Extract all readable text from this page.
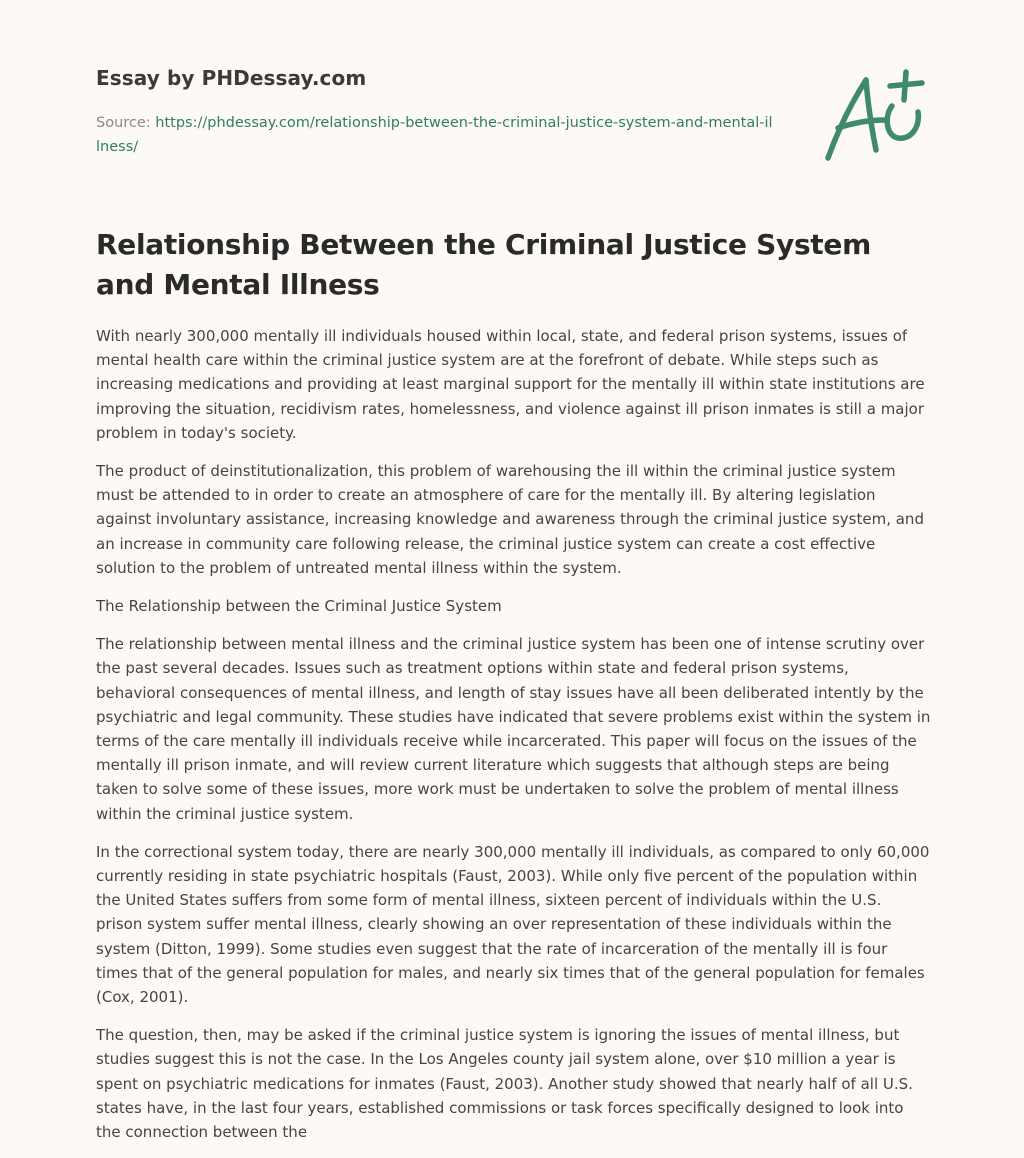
Essay by PHDessay.com
Source: https://phdessay.com/relationship-between-the-criminal-justice-system-and-mental-illness/
Relationship Between the Criminal Justice System and Mental Illness

With nearly 300,000 mentally ill individuals housed within local, state, and federal prison systems, issues of mental health care within the criminal justice system are at the forefront of debate. While steps such as increasing medications and providing at least marginal support for the mentally ill within state institutions are improving the situation, recidivism rates, homelessness, and violence against ill prison inmates is still a major problem in today's society.

The product of deinstitutionalization, this problem of warehousing the ill within the criminal justice system must be attended to in order to create an atmosphere of care for the mentally ill. By altering legislation against involuntary assistance, increasing knowledge and awareness through the criminal justice system, and an increase in community care following release, the criminal justice system can create a cost effective solution to the problem of untreated mental illness within the system.

The Relationship between the Criminal Justice System

The relationship between mental illness and the criminal justice system has been one of intense scrutiny over the past several decades. Issues such as treatment options within state and federal prison systems, behavioral consequences of mental illness, and length of stay issues have all been deliberated intently by the psychiatric and legal community. These studies have indicated that severe problems exist within the system in terms of the care mentally ill individuals receive while incarcerated. This paper will focus on the issues of the mentally ill prison inmate, and will review current literature which suggests that although steps are being taken to solve some of these issues, more work must be undertaken to solve the problem of mental illness within the criminal justice system.

In the correctional system today, there are nearly 300,000 mentally ill individuals, as compared to only 60,000 currently residing in state psychiatric hospitals (Faust, 2003). While only five percent of the population within the United States suffers from some form of mental illness, sixteen percent of individuals within the U.S. prison system suffer mental illness, clearly showing an over representation of these individuals within the system (Ditton, 1999). Some studies even suggest that the rate of incarceration of the mentally ill is four times that of the general population for males, and nearly six times that of the general population for females (Cox, 2001).

The question, then, may be asked if the criminal justice system is ignoring the issues of mental illness, but studies suggest this is not the case. In the Los Angeles county jail system alone, over $10 million a year is spent on psychiatric medications for inmates (Faust, 2003). Another study showed that nearly half of all U.S. states have, in the last four years, established commissions or task forces specifically designed to look into the connection between the
